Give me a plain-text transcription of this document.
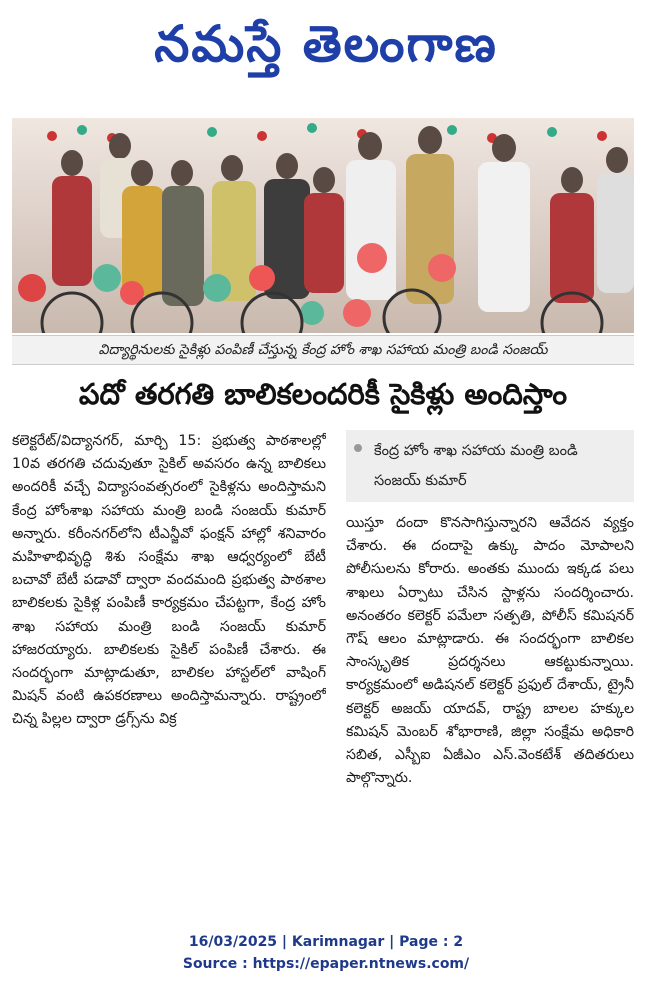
నమస్తే తెలంగాణ
విద్యార్థినులకు సైకిళ్లు పంపిణీ చేస్తున్న కేంద్ర హోం శాఖ సహాయ మంత్రి బండి సంజయ్
పదో తరగతి బాలికలందరికీ సైకిళ్లు అందిస్తాం

కలెక్టరేట్/విద్యానగర్, మార్చి 15: ప్రభుత్వ పాఠశాలల్లో 10వ తరగతి చదువుతూ సైకిల్ అవసరం ఉన్న బాలికలు అందరికీ వచ్చే విద్యాసంవత్సరంలో సైకిళ్లను అందిస్తామని కేంద్ర హోంశాఖ సహాయ మంత్రి బండి సంజయ్ కుమార్ అన్నారు. కరీంనగర్‌లోని టీఎన్జీవో ఫంక్షన్ హాల్లో శనివారం మహిళాభివృద్ధి శిశు సంక్షేమ శాఖ ఆధ్వర్యంలో బేటీ బచావో బేటీ పడావో ద్వారా వందమంది ప్రభుత్వ పాఠశాల బాలికలకు సైకిళ్ల పంపిణీ కార్యక్రమం చేపట్టగా, కేంద్ర హోం శాఖ సహాయ మంత్రి బండి సంజయ్ కుమార్ హాజరయ్యారు. బాలికలకు సైకిల్ పంపిణీ చేశారు. ఈ సందర్భంగా మాట్లాడుతూ, బాలికల హాస్టల్‌లో వాషింగ్ మిషన్ వంటి ఉపకరణాలు అందిస్తామన్నారు. రాష్ట్రంలో చిన్న పిల్లల ద్వారా డ్రగ్స్‌ను విక్ర

కేంద్ర హోం శాఖ సహాయ మంత్రి బండి సంజయ్ కుమార్

యిస్తూ దందా కొనసాగిస్తున్నారని ఆవేదన వ్యక్తం చేశారు. ఈ దందాపై ఉక్కు పాదం మోపాలని పోలీసులను కోరారు. అంతకు ముందు ఇక్కడ పలు శాఖలు ఏర్పాటు చేసిన స్టాళ్లను సందర్శించారు. అనంతరం కలెక్టర్ పమేలా సత్పతి, పోలీస్ కమిషనర్ గౌష్ ఆలం మాట్లాడారు. ఈ సందర్భంగా బాలికల సాంస్కృతిక ప్రదర్శనలు ఆకట్టుకున్నాయి. కార్యక్రమంలో అడిషనల్ కలెక్టర్ ప్రఫుల్ దేశాయ్, ట్రైనీ కలెక్టర్ అజయ్ యాదవ్, రాష్ట్ర బాలల హక్కుల కమిషన్ మెంబర్ శోభారాణి, జిల్లా సంక్షేమ అధికారి సబిత, ఎస్బీఐ ఏజీఎం ఎస్.వెంకటేశ్ తదితరులు పాల్గొన్నారు.

16/03/2025 | Karimnagar | Page : 2
Source : https://epaper.ntnews.com/
